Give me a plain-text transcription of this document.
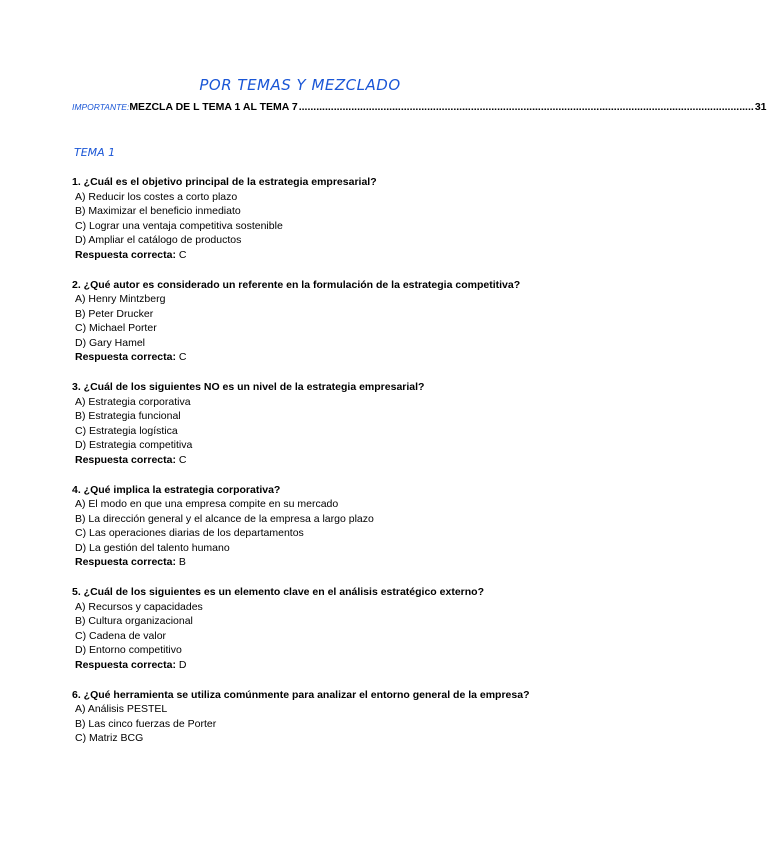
POR TEMAS Y MEZCLADO
IMPORTANTE: MEZCLA DE L TEMA 1 AL TEMA 7 ............................................................................................................................................................ 31
TEMA 1
1. ¿Cuál es el objetivo principal de la estrategia empresarial?
A) Reducir los costes a corto plazo
B) Maximizar el beneficio inmediato
C) Lograr una ventaja competitiva sostenible
D) Ampliar el catálogo de productos
Respuesta correcta: C
2. ¿Qué autor es considerado un referente en la formulación de la estrategia competitiva?
A) Henry Mintzberg
B) Peter Drucker
C) Michael Porter
D) Gary Hamel
Respuesta correcta: C
3. ¿Cuál de los siguientes NO es un nivel de la estrategia empresarial?
A) Estrategia corporativa
B) Estrategia funcional
C) Estrategia logística
D) Estrategia competitiva
Respuesta correcta: C
4. ¿Qué implica la estrategia corporativa?
A) El modo en que una empresa compite en su mercado
B) La dirección general y el alcance de la empresa a largo plazo
C) Las operaciones diarias de los departamentos
D) La gestión del talento humano
Respuesta correcta: B
5. ¿Cuál de los siguientes es un elemento clave en el análisis estratégico externo?
A) Recursos y capacidades
B) Cultura organizacional
C) Cadena de valor
D) Entorno competitivo
Respuesta correcta: D
6. ¿Qué herramienta se utiliza comúnmente para analizar el entorno general de la empresa?
A) Análisis PESTEL
B) Las cinco fuerzas de Porter
C) Matriz BCG
